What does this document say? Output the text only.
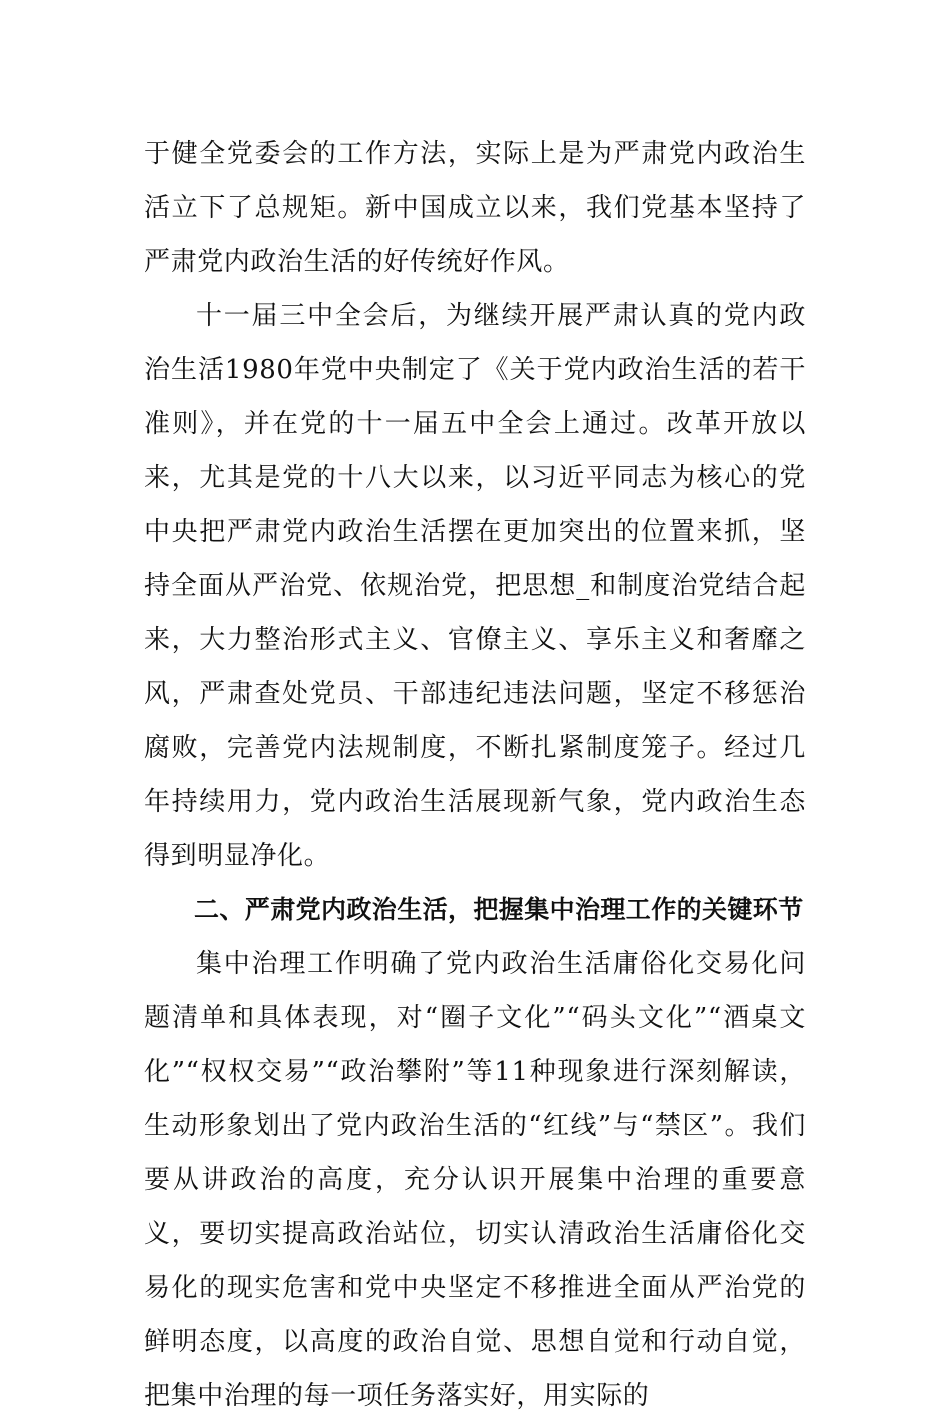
于健全党委会的工作方法，实际上是为严肃党内政治生活立下了总规矩。新中国成立以来，我们党基本坚持了严肃党内政治生活的好传统好作风。

十一届三中全会后，为继续开展严肃认真的党内政治生活1980年党中央制定了《关于党内政治生活的若干准则》，并在党的十一届五中全会上通过。改革开放以来，尤其是党的十八大以来，以习近平同志为核心的党中央把严肃党内政治生活摆在更加突出的位置来抓，坚持全面从严治党、依规治党，把思想_和制度治党结合起来，大力整治形式主义、官僚主义、享乐主义和奢靡之风，严肃查处党员、干部违纪违法问题，坚定不移惩治腐败，完善党内法规制度，不断扎紧制度笼子。经过几年持续用力，党内政治生活展现新气象，党内政治生态得到明显净化。

二、严肃党内政治生活，把握集中治理工作的关键环节

集中治理工作明确了党内政治生活庸俗化交易化问题清单和具体表现，对“圈子文化”“码头文化”“酒桌文化”“权权交易”“政治攀附”等11种现象进行深刻解读，生动形象划出了党内政治生活的“红线”与“禁区”。我们要从讲政治的高度，充分认识开展集中治理的重要意义，要切实提高政治站位，切实认清政治生活庸俗化交易化的现实危害和党中央坚定不移推进全面从严治党的鲜明态度，以高度的政治自觉、思想自觉和行动自觉，把集中治理的每一项任务落实好，用实际的
